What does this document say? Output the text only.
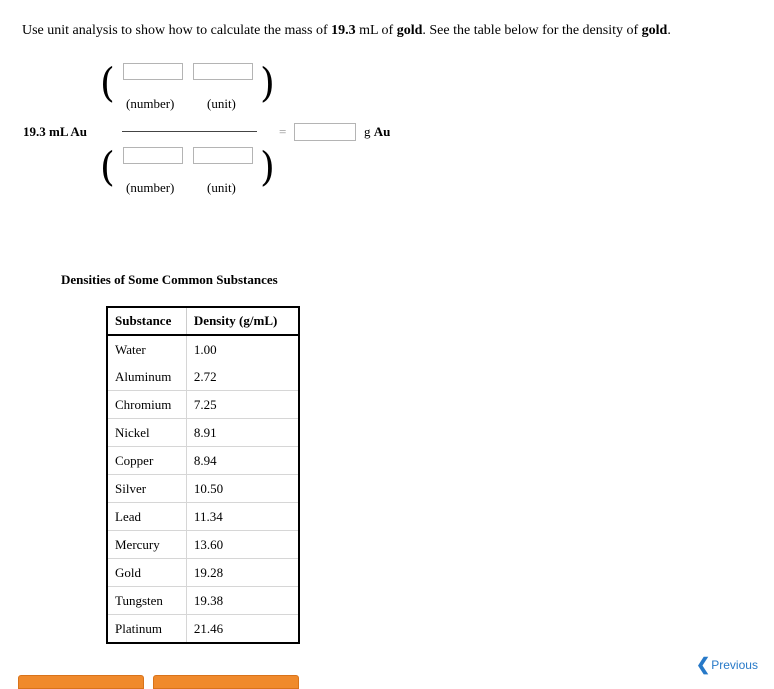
Use unit analysis to show how to calculate the mass of 19.3 mL of gold. See the table below for the density of gold.
(	)
(number)	(unit)
19.3 mL Au	=	g Au
(	)
(number)	(unit)
Densities of Some Common Substances
Substance	Density (g/mL)
Water	1.00
Aluminum	2.72
Chromium	7.25
Nickel	8.91
Copper	8.94
Silver	10.50
Lead	11.34
Mercury	13.60
Gold	19.28
Tungsten	19.38
Platinum	21.46
❮ Previous
